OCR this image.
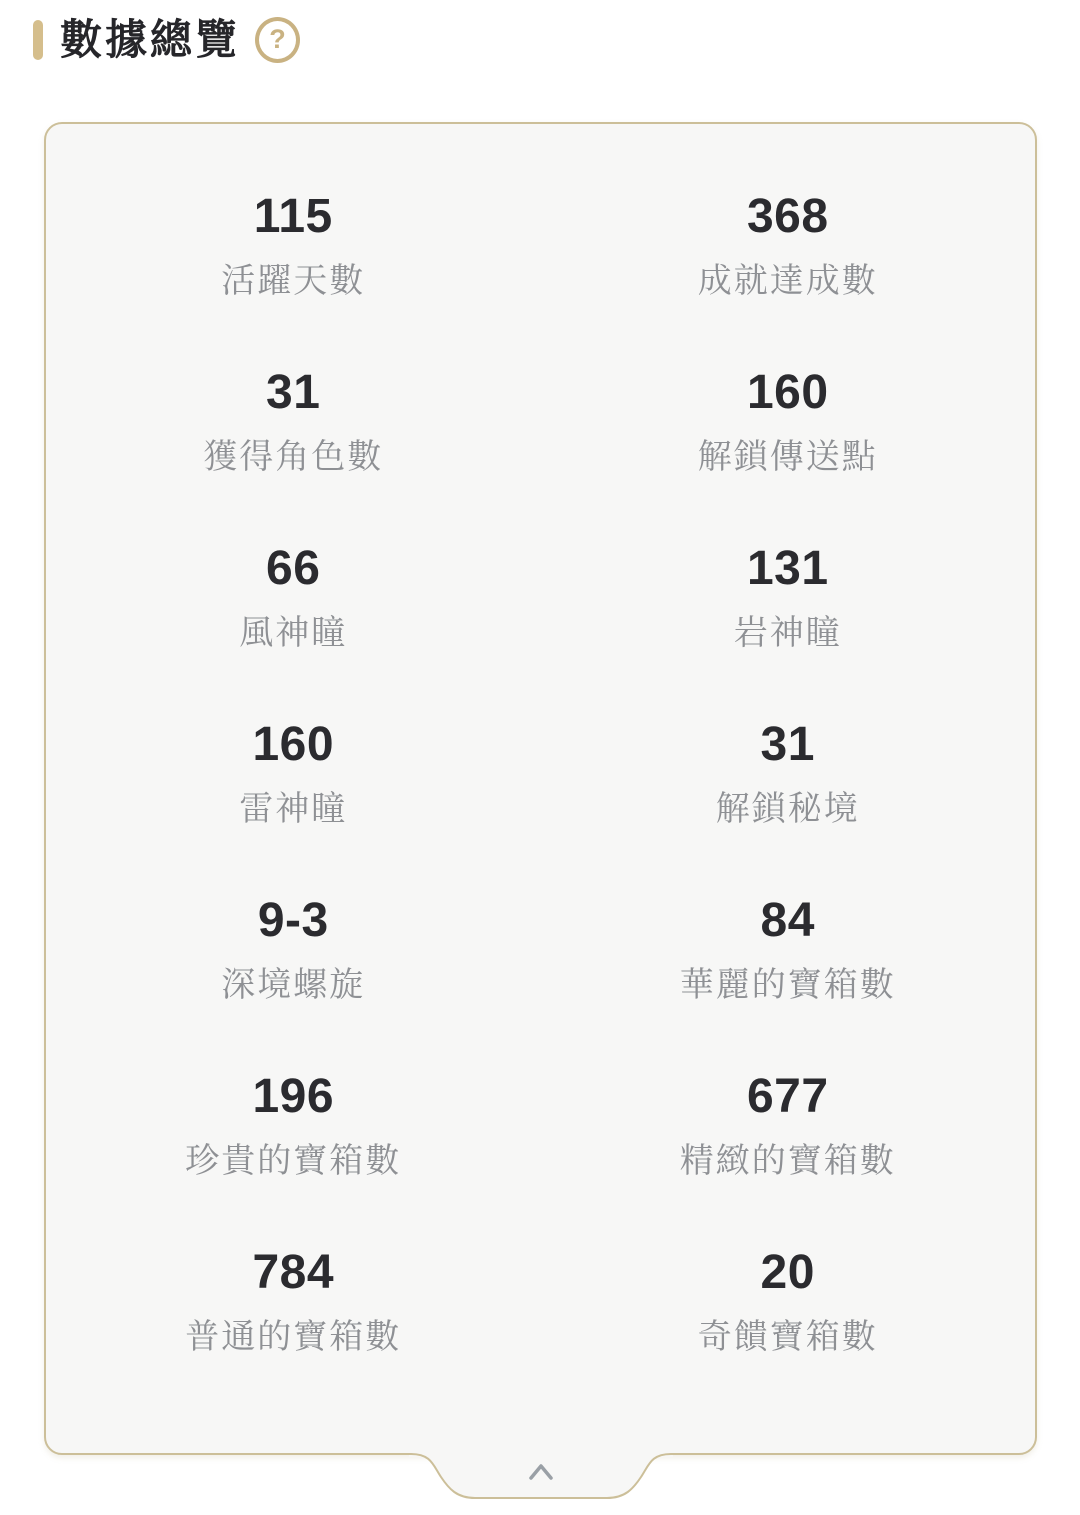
數據總覽 ?
115
活躍天數
368
成就達成數
31
獲得角色數
160
解鎖傳送點
66
風神瞳
131
岩神瞳
160
雷神瞳
31
解鎖秘境
9-3
深境螺旋
84
華麗的寶箱數
196
珍貴的寶箱數
677
精緻的寶箱數
784
普通的寶箱數
20
奇饋寶箱數
